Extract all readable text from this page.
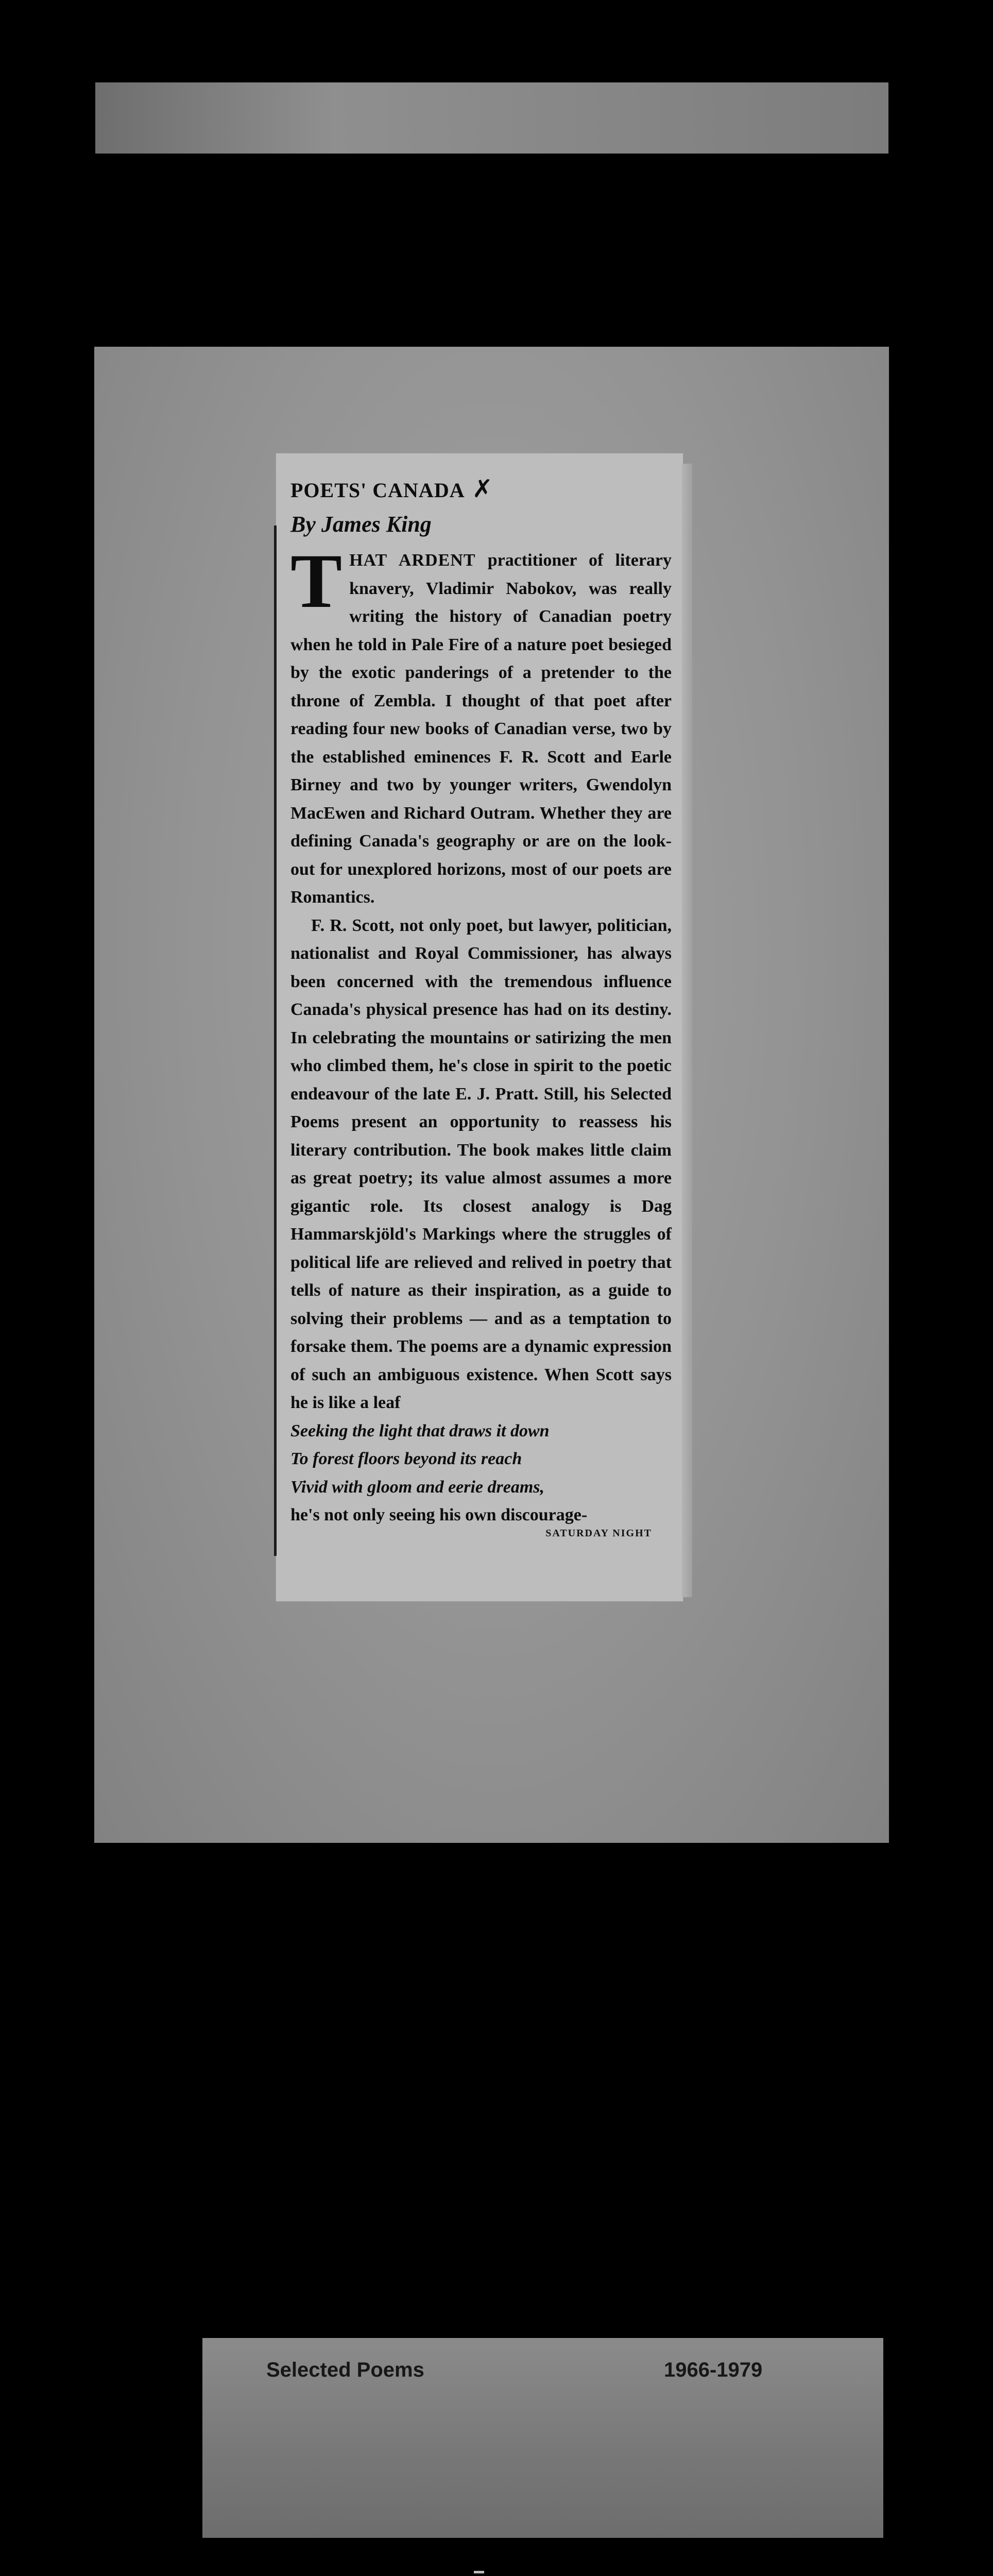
POETS' CANADA ✗

By James King

THAT ARDENT practitioner of literary knavery, Vladimir Nabokov, was really writing the history of Canadian poetry when he told in Pale Fire of a nature poet besieged by the exotic panderings of a pretender to the throne of Zembla. I thought of that poet after reading four new books of Canadian verse, two by the established eminences F. R. Scott and Earle Birney and two by younger writers, Gwendolyn MacEwen and Richard Outram. Whether they are defining Canada's geography or are on the look-out for unexplored horizons, most of our poets are Romantics.

F. R. Scott, not only poet, but lawyer, politician, nationalist and Royal Commissioner, has always been concerned with the tremendous influence Canada's physical presence has had on its destiny. In celebrating the mountains or satirizing the men who climbed them, he's close in spirit to the poetic endeavour of the late E. J. Pratt. Still, his Selected Poems present an opportunity to reassess his literary contribution. The book makes little claim as great poetry; its value almost assumes a more gigantic role. Its closest analogy is Dag Hammarskjöld's Markings where the struggles of political life are relieved and relived in poetry that tells of nature as their inspiration, as a guide to solving their problems — and as a temptation to forsake them. The poems are a dynamic expression of such an ambiguous existence. When Scott says he is like a leaf

Seeking the light that draws it down

To forest floors beyond its reach

Vivid with gloom and eerie dreams,

he's not only seeing his own discourage-

SATURDAY NIGHT
Selected Poems	1966-1979
